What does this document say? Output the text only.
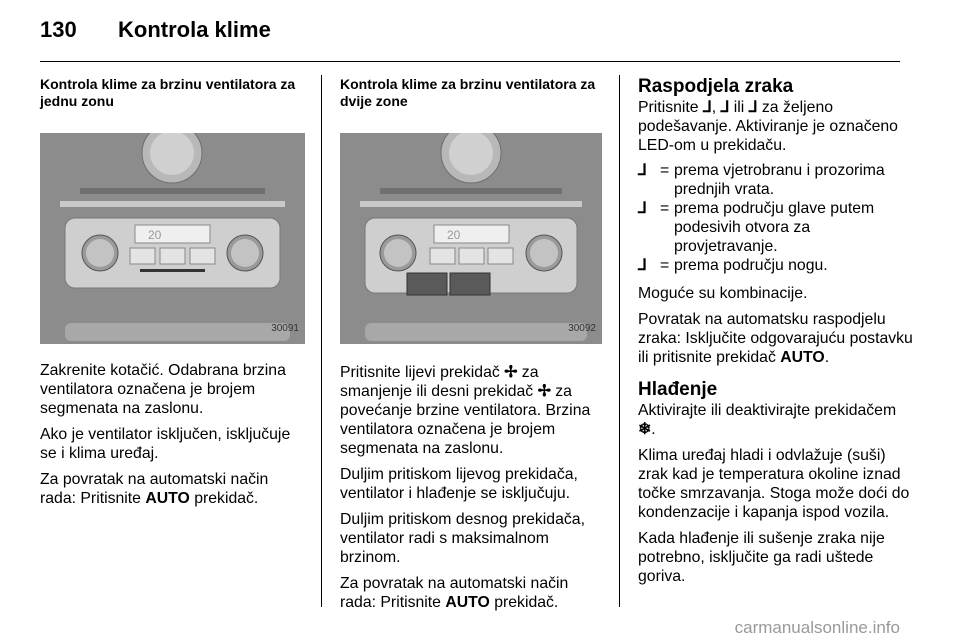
130 Kontrola klime
Kontrola klime za brzinu ventilatora za jednu zonu
20
30091

Zakrenite kotačić. Odabrana brzina ventilatora označena je brojem segmenata na zaslonu.

Ako je ventilator isključen, isključuje se i klima uređaj.

Za povratak na automatski način rada: Pritisnite AUTO prekidač.

Kontrola klime za brzinu ventilatora za dvije zone
20
30092

Pritisnite lijevi prekidač ✢ za smanjenje ili desni prekidač ✢ za povećanje brzine ventilatora. Brzina ventilatora označena je brojem segmenata na zaslonu.

Duljim pritiskom lijevog prekidača, ventilator i hlađenje se isključuju.

Duljim pritiskom desnog prekidača, ventilator radi s maksimalnom brzinom.

Za povratak na automatski način rada: Pritisnite AUTO prekidač.

Raspodjela zraka

Pritisnite ⅃, ⅃ ili ⅃ za željeno podešavanje. Aktiviranje je označeno LED-om u prekidaču.

⅃ = prema vjetrobranu i prozorima prednjih vrata.
⅃ = prema području glave putem podesivih otvora za provjetravanje.
⅃ = prema području nogu.

Moguće su kombinacije.

Povratak na automatsku raspodjelu zraka: Isključite odgovarajuću postavku ili pritisnite prekidač AUTO.

Hlađenje

Aktivirajte ili deaktivirajte prekidačem ❄.

Klima uređaj hladi i odvlažuje (suši) zrak kad je temperatura okoline iznad točke smrzavanja. Stoga može doći do kondenzacije i kapanja ispod vozila.

Kada hlađenje ili sušenje zraka nije potrebno, isključite ga radi uštede goriva.

carmanualsonline.info
